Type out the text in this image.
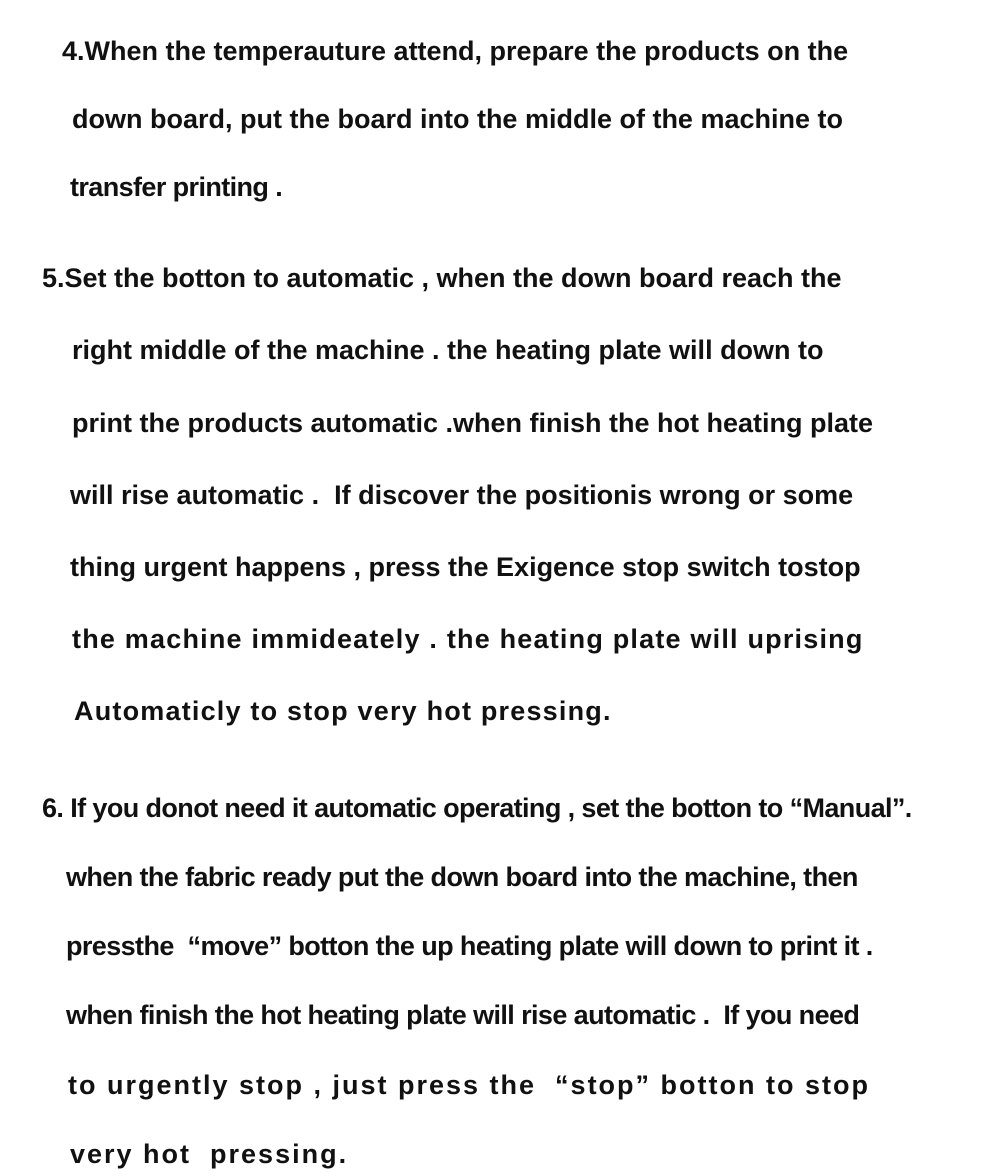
4.When the temperauture attend, prepare the products on the
down board, put the board into the middle of the machine to
transfer printing .
5.Set the botton to automatic , when the down board reach the
right middle of the machine . the heating plate will down to
print the products automatic .when finish the hot heating plate
will rise automatic .  If discover the positionis wrong or some
thing urgent happens , press the Exigence stop switch tostop
the machine immideately . the heating plate will uprising
Automaticly to stop very hot pressing.
6. If you donot need it automatic operating , set the botton to “Manual”.
when the fabric ready put the down board into the machine, then
pressthe  “move” botton the up heating plate will down to print it .
when finish the hot heating plate will rise automatic .  If you need
to urgently stop , just press the  “stop” botton to stop
very hot  pressing.
